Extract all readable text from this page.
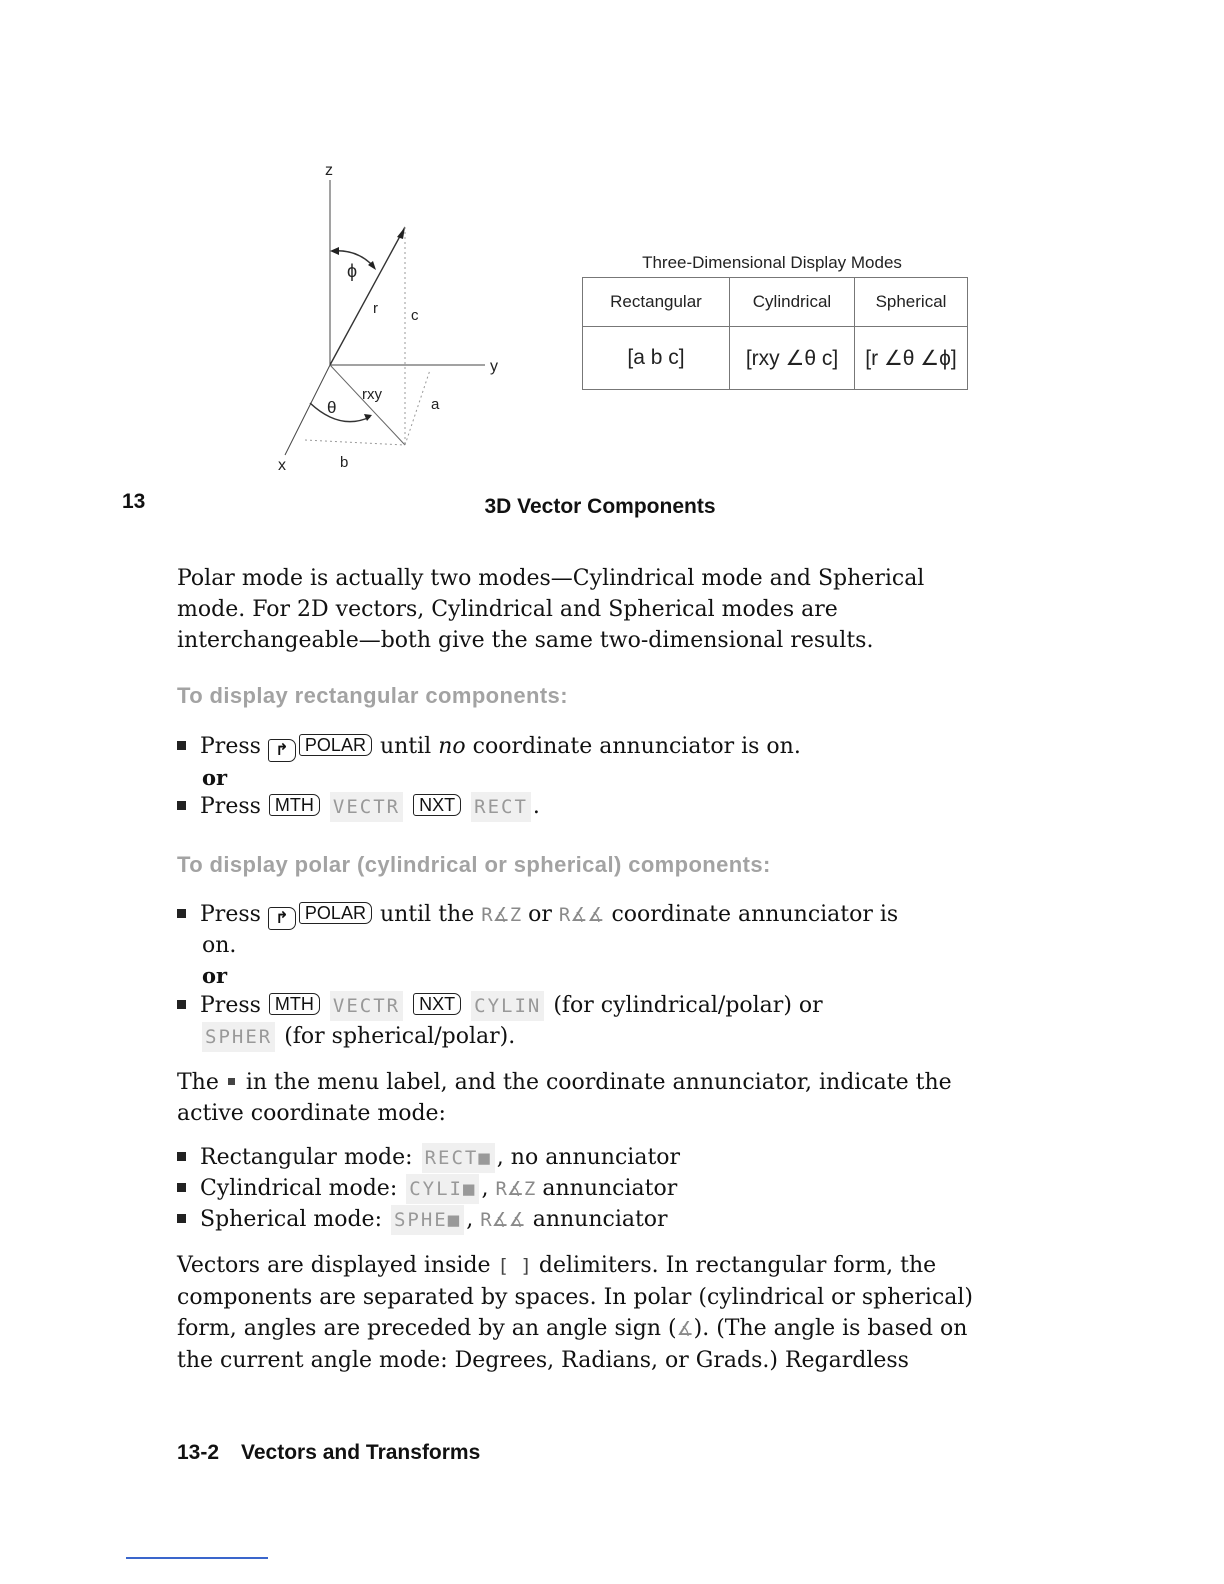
13
z
y
x
ϕ
r c
rxy
θ	a
b
Three-Dimensional Display Modes
Rectangular	Cylindrical	Spherical
[a b c]	[rxy ∠θ c]	[r ∠θ ∠ϕ]
3D Vector Components
Polar mode is actually two modes—Cylindrical mode and Spherical
mode. For 2D vectors, Cylindrical and Spherical modes are
interchangeable—both give the same two-dimensional results.
To display rectangular components:
Press ↱ POLAR until no coordinate annunciator is on.
or
Press MTH VECTR NXT RECT .
To display polar (cylindrical or spherical) components:
Press ↱ POLAR until the R∡Z or R∡∡ coordinate annunciator is
on.
or
Press MTH VECTR NXT CYLIN (for cylindrical/polar) or
SPHER (for spherical/polar).
The in the menu label, and the coordinate annunciator, indicate the
active coordinate mode:
Rectangular mode: RECT■ , no annunciator
Cylindrical mode: CYLI■ , R∡Z annunciator
Spherical mode: SPHE■ , R∡∡ annunciator
Vectors are displayed inside [ ] delimiters. In rectangular form, the
components are separated by spaces. In polar (cylindrical or spherical)
form, angles are preceded by an angle sign (∡). (The angle is based on
the current angle mode: Degrees, Radians, or Grads.) Regardless
13-2 Vectors and Transforms
